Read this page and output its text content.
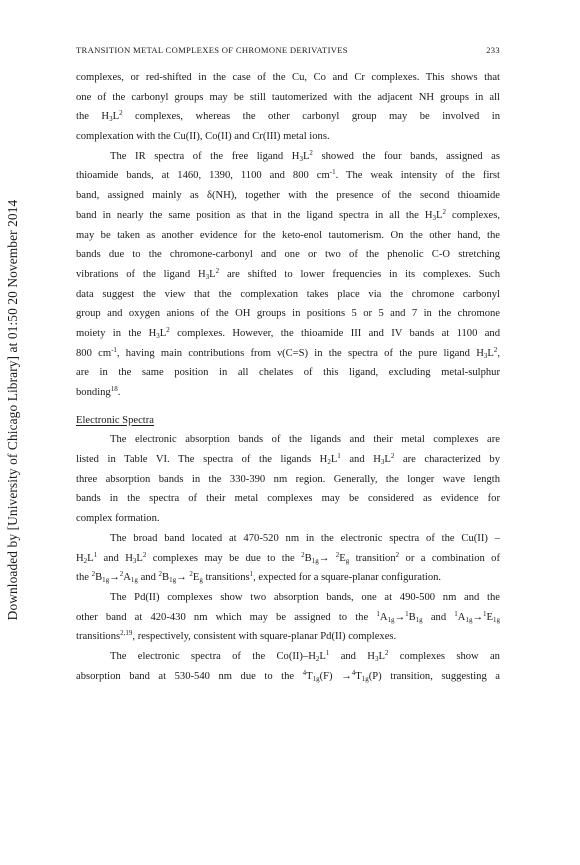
Downloaded by [University of Chicago Library] at 01:50 20 November 2014
TRANSITION METAL COMPLEXES OF CHROMONE DERIVATIVES	233
complexes, or red-shifted in the case of the Cu, Co and Cr complexes. This shows that
one of the carbonyl groups may be still tautomerized with the adjacent NH groups in all
the $H_3L^2$ complexes, whereas the other carbonyl group may be involved in
complexation with the Cu(II), Co(II) and Cr(III) metal ions.
The IR spectra of the free ligand $H_3L^2$ showed the four bands, assigned as
thioamide bands, at 1460, 1390, 1100 and 800 $cm^{-1}$. The weak intensity of the first
band, assigned mainly as δ(NH), together with the presence of the second thioamide
band in nearly the same position as that in the ligand spectra in all the $H_3L^2$ complexes,
may be taken as another evidence for the keto-enol tautomerism. On the other hand, the
bands due to the chromone-carbonyl and one or two of the phenolic C-O stretching
vibrations of the ligand $H_3L^2$ are shifted to lower frequencies in its complexes. Such
data suggest the view that the complexation takes place via the chromone carbonyl
group and oxygen anions of the OH groups in positions 5 or 5 and 7 in the chromone
moiety in the $H_3L^2$ complexes. However, the thioamide III and IV bands at 1100 and
800 $cm^{-1}$, having main contributions from ν(C=S) in the spectra of the pure ligand $H_3L^2$,
are in the same position in all chelates of this ligand, excluding metal-sulphur
bonding$^{18}$.
Electronic Spectra
The electronic absorption bands of the ligands and their metal complexes are
listed in Table VI. The spectra of the ligands $H_2L^1$ and $H_3L^2$ are characterized by
three absorption bands in the 330-390 nm region. Generally, the longer wave length
bands in the spectra of their metal complexes may be considered as evidence for
complex formation.
The broad band located at 470-520 nm in the electronic spectra of the Cu(II) –
$H_2L^1$ and $H_3L^2$ complexes may be due to the $^2B_{1g}\to ^2E_g$ transition$^2$ or a combination of
the $^2B_{1g}\to^2A_{1g}$ and $^2B_{1g}\to ^2E_g$ transitions$^1$, expected for a square-planar configuration.
The Pd(II) complexes show two absorption bands, one at 490-500 nm and the
other band at 420-430 nm which may be assigned to the $^1A_{1g}\to^1B_{1g}$ and $^1A_{1g}\to^1E_{1g}$
transitions$^{2,19}$, respectively, consistent with square-planar Pd(II) complexes.
The electronic spectra of the $Co(II)-H_2L^1$ and $H_3L^2$ complexes show an
absorption band at 530-540 nm due to the $^4T_{1g}(F) \to^4T_{1g}(P)$ transition, suggesting a
